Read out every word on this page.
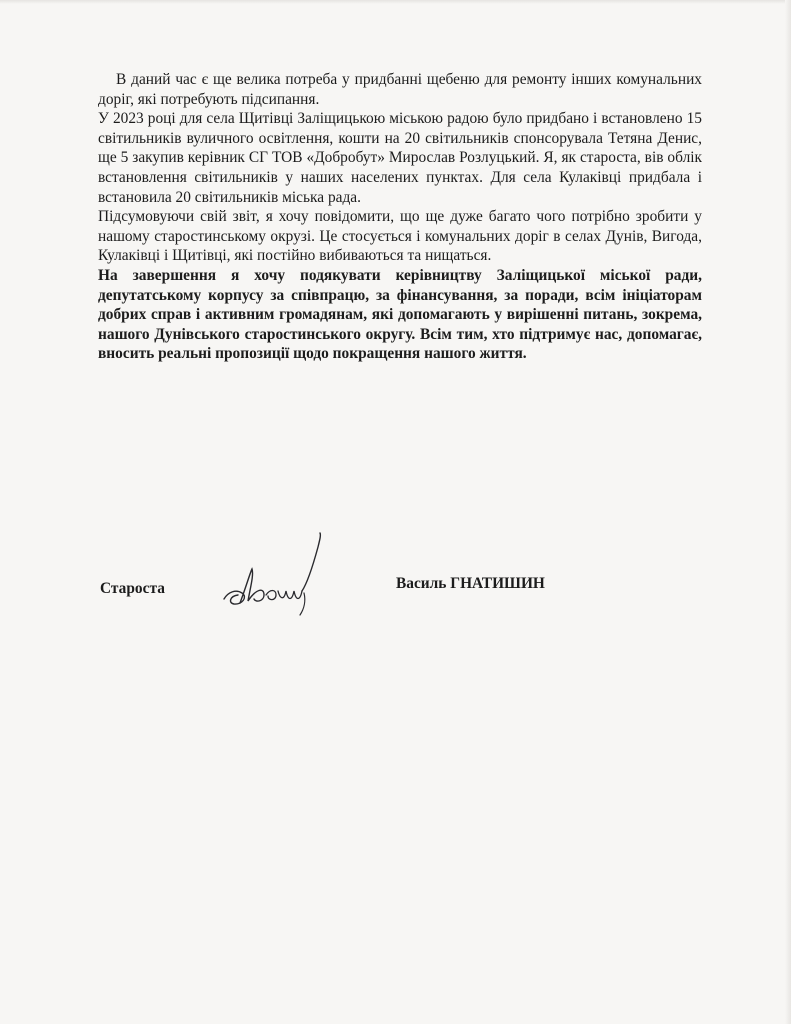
В даний час є ще велика потреба у придбанні щебеню для ремонту інших комунальних доріг, які потребують підсипання.

У 2023 році для села Щитівці Заліщицькою міською радою було придбано і встановлено 15 світильників вуличного освітлення, кошти на 20 світильників спонсорувала Тетяна Денис, ще 5 закупив керівник СГ ТОВ «Добробут» Мирослав Розлуцький. Я, як староста, вів облік встановлення світильників у наших населених пунктах. Для села Кулаківці придбала і встановила 20 світильників міська рада.

Підсумовуючи свій звіт, я хочу повідомити, що ще дуже багато чого потрібно зробити у нашому старостинському окрузі. Це стосується і комунальних доріг в селах Дунів, Вигода, Кулаківці і Щитівці, які постійно вибиваються та нищаться.

На завершення я хочу подякувати керівництву Заліщицької міської ради, депутатському корпусу за співпрацю, за фінансування, за поради, всім ініціаторам добрих справ і активним громадянам, які допомагають у вирішенні питань, зокрема, нашого Дунівського старостинського округу. Всім тим, хто підтримує нас, допомагає, вносить реальні пропозиції щодо покращення нашого життя.

Староста	Василь ГНАТИШИН
